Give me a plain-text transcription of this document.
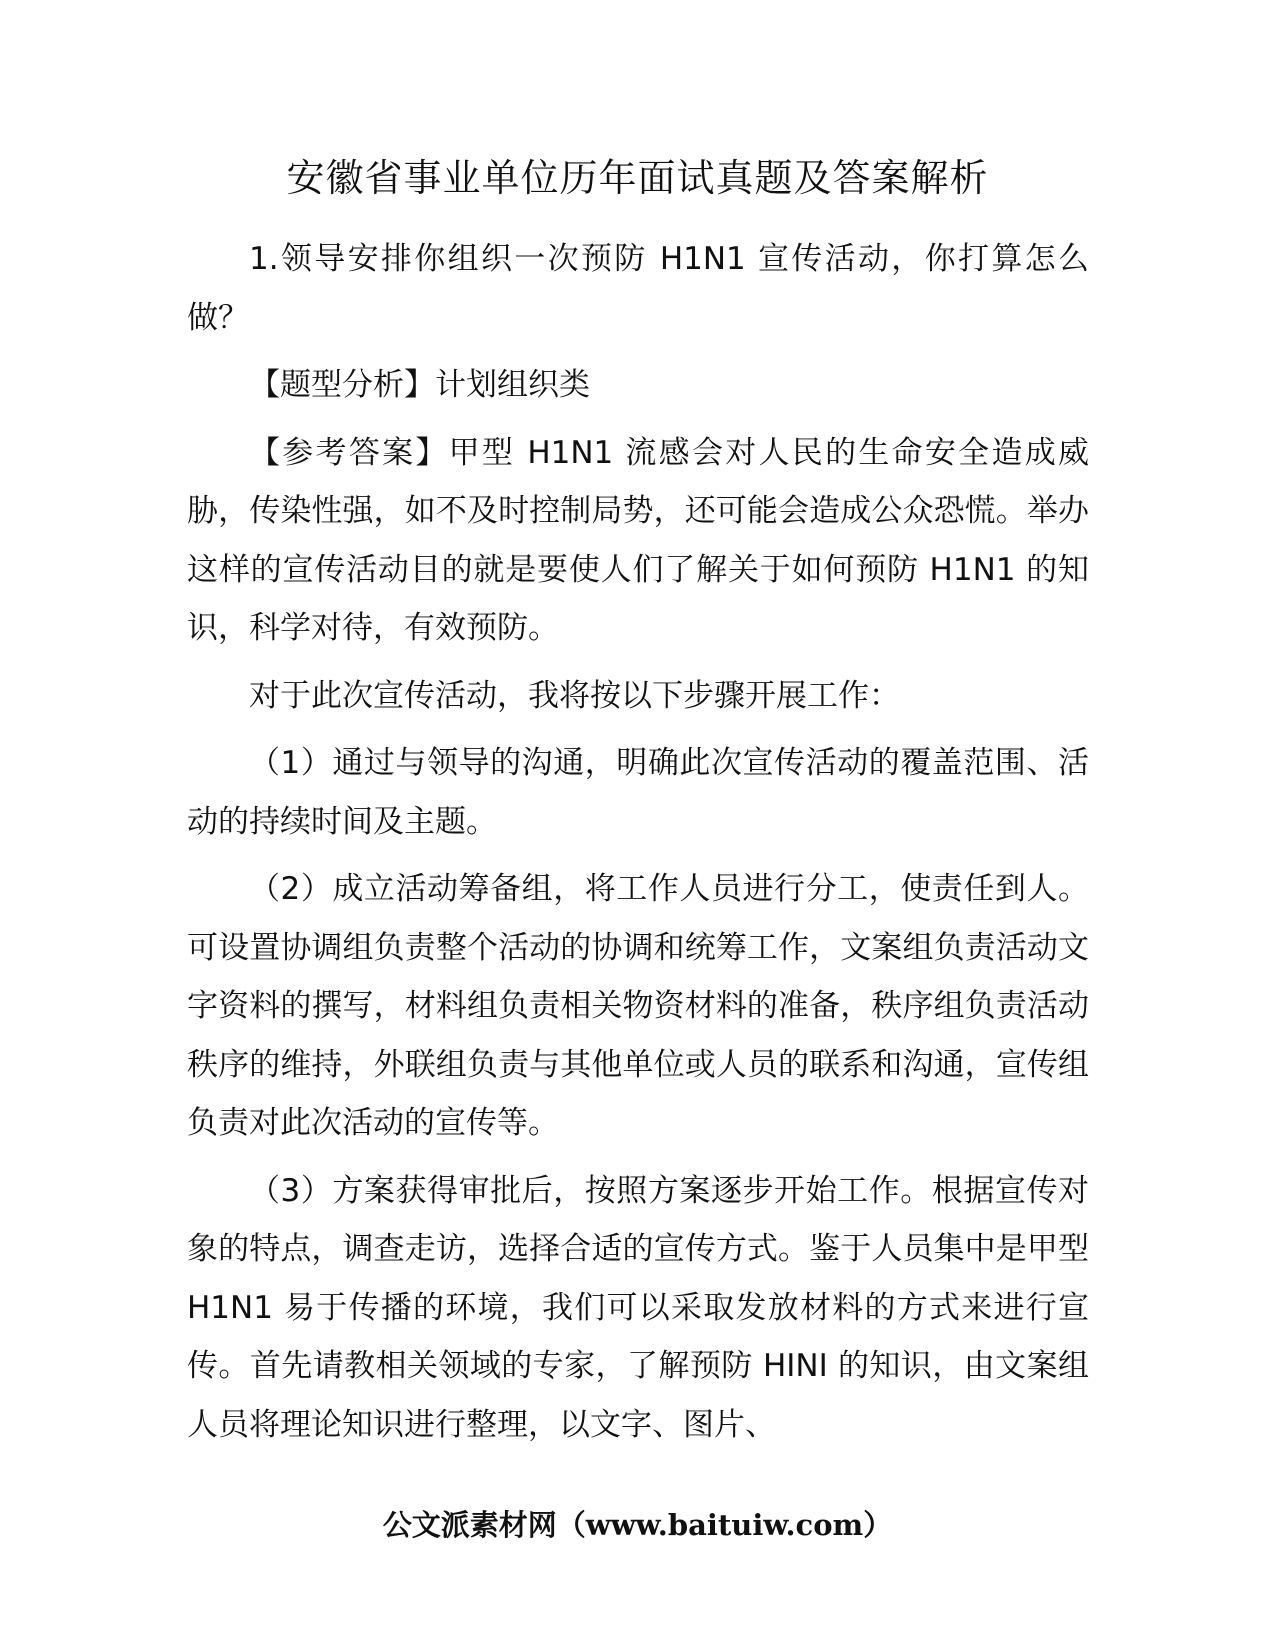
安徽省事业单位历年面试真题及答案解析

1.领导安排你组织一次预防 H1N1 宣传活动，你打算怎么做？

【题型分析】计划组织类

【参考答案】甲型 H1N1 流感会对人民的生命安全造成威胁，传染性强，如不及时控制局势，还可能会造成公众恐慌。举办这样的宣传活动目的就是要使人们了解关于如何预防 H1N1 的知识，科学对待，有效预防。

对于此次宣传活动，我将按以下步骤开展工作：

（1）通过与领导的沟通，明确此次宣传活动的覆盖范围、活动的持续时间及主题。

（2）成立活动筹备组，将工作人员进行分工，使责任到人。可设置协调组负责整个活动的协调和统筹工作，文案组负责活动文字资料的撰写，材料组负责相关物资材料的准备，秩序组负责活动秩序的维持，外联组负责与其他单位或人员的联系和沟通，宣传组负责对此次活动的宣传等。

（3）方案获得审批后，按照方案逐步开始工作。根据宣传对象的特点，调查走访，选择合适的宣传方式。鉴于人员集中是甲型 H1N1 易于传播的环境，我们可以采取发放材料的方式来进行宣传。首先请教相关领域的专家，了解预防 HINI 的知识，由文案组人员将理论知识进行整理，以文字、图片、

公文派素材网（www.baituiw.com）
